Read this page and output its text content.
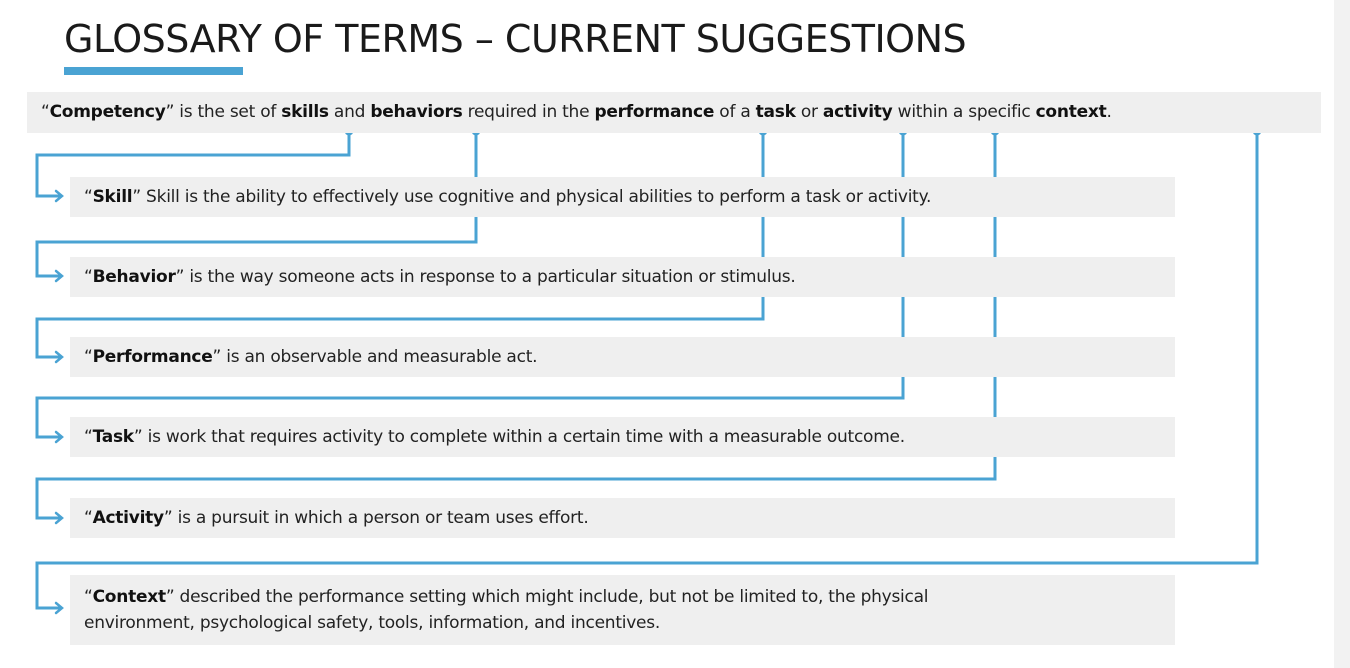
GLOSSARY OF TERMS – CURRENT SUGGESTIONS
“Competency” is the set of skills and behaviors required in the performance of a task or activity within a specific context.
“Skill” Skill is the ability to effectively use cognitive and physical abilities to perform a task or activity.
“Behavior” is the way someone acts in response to a particular situation or stimulus.
“Performance” is an observable and measurable act.
“Task” is work that requires activity to complete within a certain time with a measurable outcome.
“Activity” is a pursuit in which a person or team uses effort.
“Context” described the performance setting which might include, but not be limited to, the physical
environment, psychological safety, tools, information, and incentives.
